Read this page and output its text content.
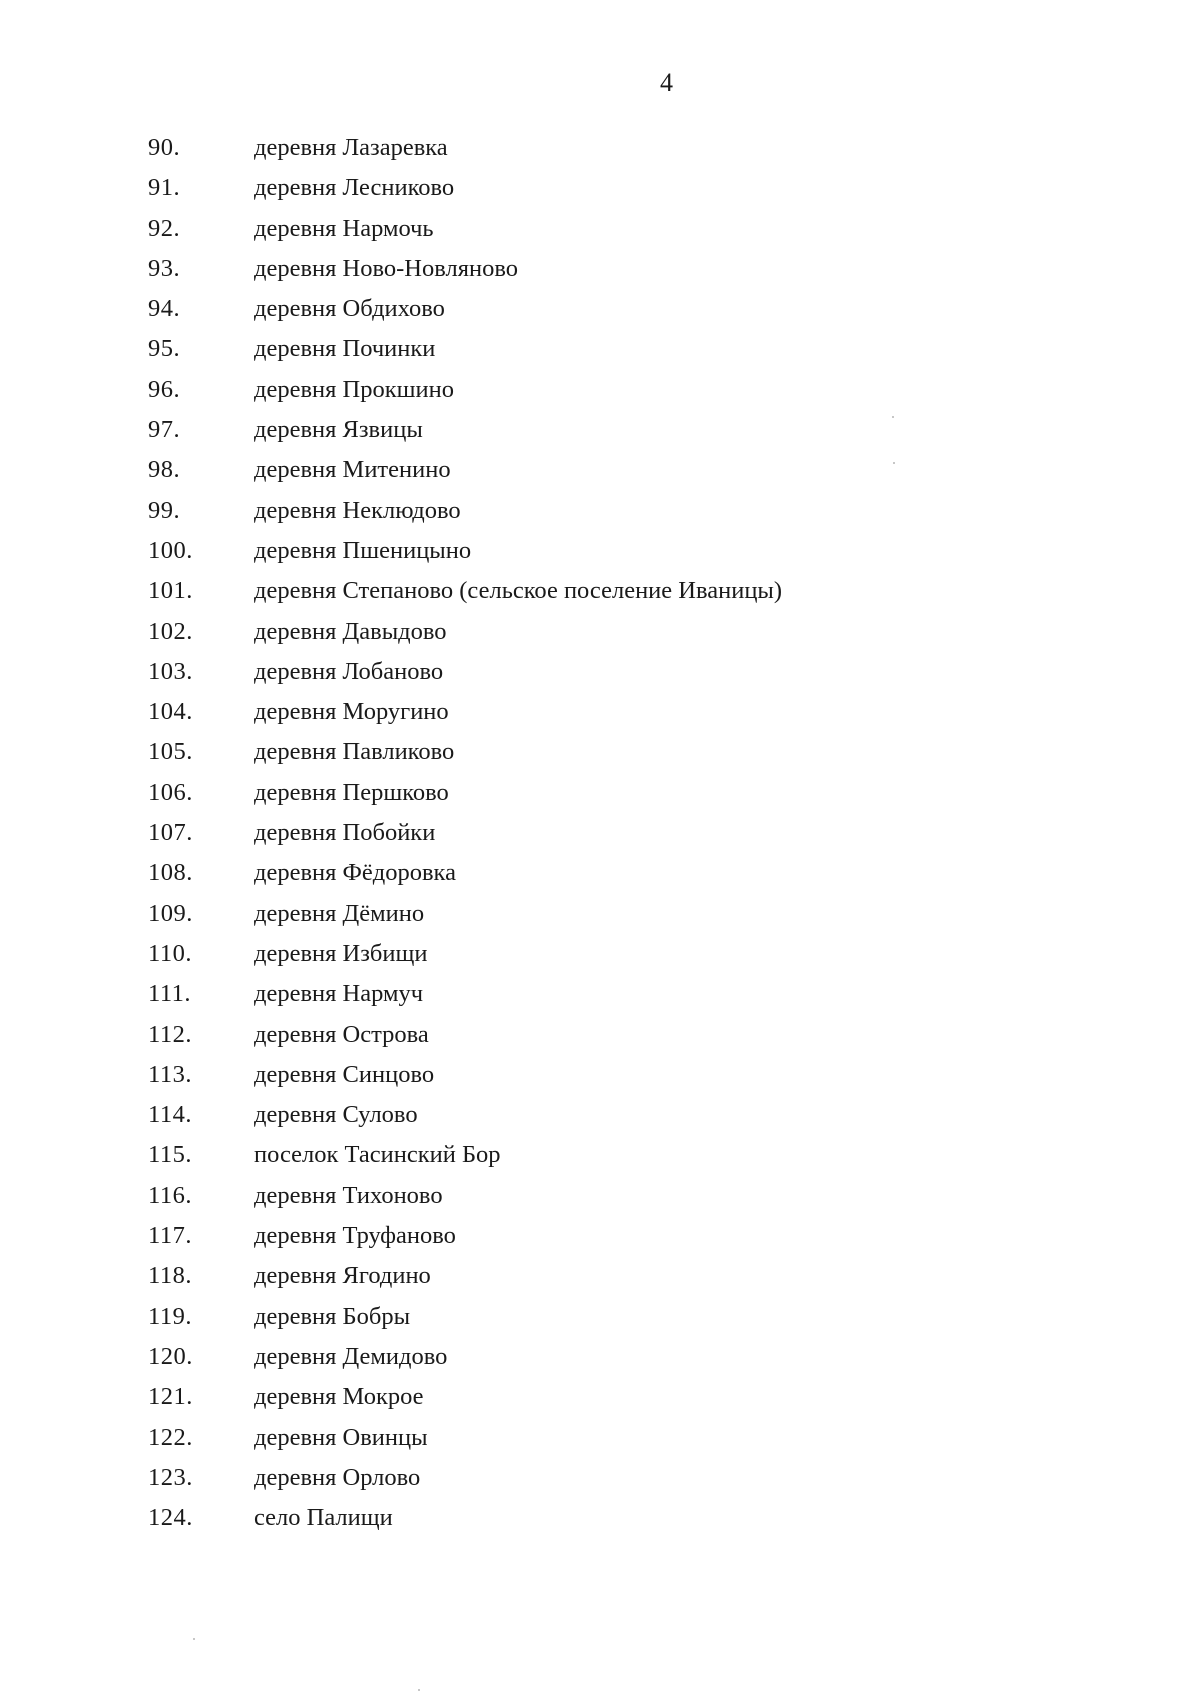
4
90.	деревня Лазаревка
91.	деревня Лесниково
92.	деревня Нармочь
93.	деревня Ново-Новляново
94.	деревня Обдихово
95.	деревня Починки
96.	деревня Прокшино
97.	деревня Язвицы
98.	деревня Митенино
99.	деревня Неклюдово
100.	деревня Пшеницыно
101.	деревня Степаново (сельское поселение Иваницы)
102.	деревня Давыдово
103.	деревня Лобаново
104.	деревня Моругино
105.	деревня Павликово
106.	деревня Першково
107.	деревня Побойки
108.	деревня Фёдоровка
109.	деревня Дёмино
110.	деревня Избищи
111.	деревня Нармуч
112.	деревня Острова
113.	деревня Синцово
114.	деревня Сулово
115.	поселок Тасинский Бор
116.	деревня Тихоново
117.	деревня Труфаново
118.	деревня Ягодино
119.	деревня Бобры
120.	деревня Демидово
121.	деревня Мокрое
122.	деревня Овинцы
123.	деревня Орлово
124.	село Палищи
